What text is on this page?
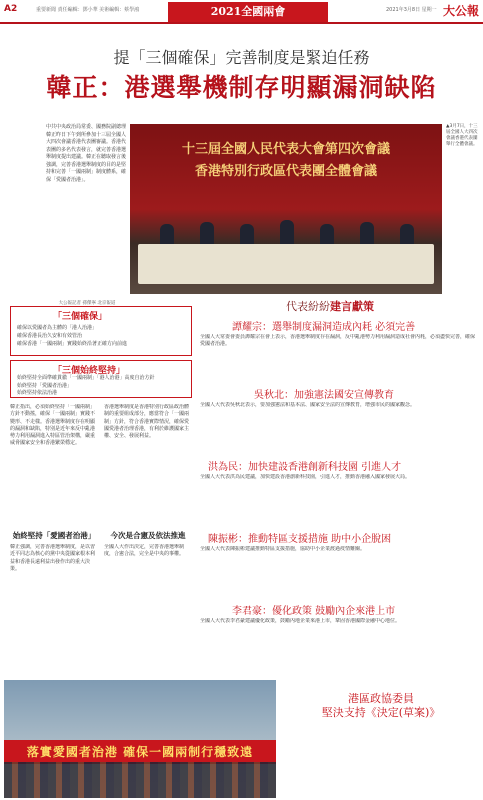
A2	重要新聞 責任編輯：鄧小華 美術編輯：蔡學鴻	2021全國兩會	2021年3月8日 星期一 大公報
提「三個確保」完善制度是緊迫任務
韓正：港選舉機制存明顯漏洞缺陷
中共中央政治局常委、國務院副總理韓正昨日下午到所參加十三屆全國人大四次會議香港代表團審議。香港代表團的多名代表發言，就完善香港選舉制度提出建議。韓正在聽取發言後強調，完善香港選舉制度的目的是堅持和完善「一國兩制」制度體系，確保「愛國者治港」。
大公報記者 孫傑寧 北京報道
十三屆全國人民代表大會第四次會議
香港特別行政區代表團全體會議
▲3月7日，十三屆全國人大四次會議香港代表團舉行全體會議。
「三個確保」
確保以愛國者為主體的「港人治港」
確保香港長治久安和有效管治
確保香港「一國兩制」實踐始終沿著正確方向前進
「三個始終堅持」
始終堅持全面準確貫徹「一國兩制」「港人治港」高度自治方針
始終堅持「愛國者治港」
始終堅持依法治港
韓正指出，必須始終堅持「一國兩制」方針不動搖，確保「一國兩制」實踐不變形、不走樣。香港選舉制度存在明顯的漏洞和缺陷，特別是近年來反中亂港勢力利用漏洞進入特區管治架構，嚴重威脅國家安全和香港繁榮穩定。
始終堅持「愛國者治港」
韓正強調，完善香港選舉制度，是以習近平同志為核心的黨中央從國家根本利益和香港長遠利益出發作出的重大決策。
香港選舉制度是香港特別行政區政治體制的重要組成部分，應當符合「一國兩制」方針，符合香港實際情況，確保愛國愛港者治理香港，有利於維護國家主權、安全、發展利益。
今次是合憲及依法推進
全國人大作出決定，完善香港選舉制度，合憲合法，完全是中央的事權。
代表紛紛建言獻策
譚耀宗：選舉制度漏洞造成內耗 必須完善
全國人大常委會委員譚耀宗在會上表示，香港選舉制度存在漏洞，反中亂港勢力利用漏洞造成社會內耗，必須盡快完善，確保愛國者治港。
吳秋北：加強憲法國安宣傳教育
全國人大代表吳秋北表示，要加強憲法和基本法、國家安全法的宣傳教育，增強市民的國家觀念。
洪為民：加快建設香港創新科技園 引進人才
全國人大代表洪為民建議，加快建設香港創新科技園，引進人才，推動香港融入國家發展大局。
陳振彬：推動特區支援措施 助中小企脫困
全國人大代表陳振彬建議推動特區支援措施，協助中小企業渡過疫情難關。
李君豪：優化政策 鼓勵內企來港上市
全國人大代表李君豪建議優化政策，鼓勵內地企業來港上市，鞏固香港國際金融中心地位。
落實愛國者治港 確保一國兩制行穩致遠
港區政協委員
堅決支持《決定(草案)》
